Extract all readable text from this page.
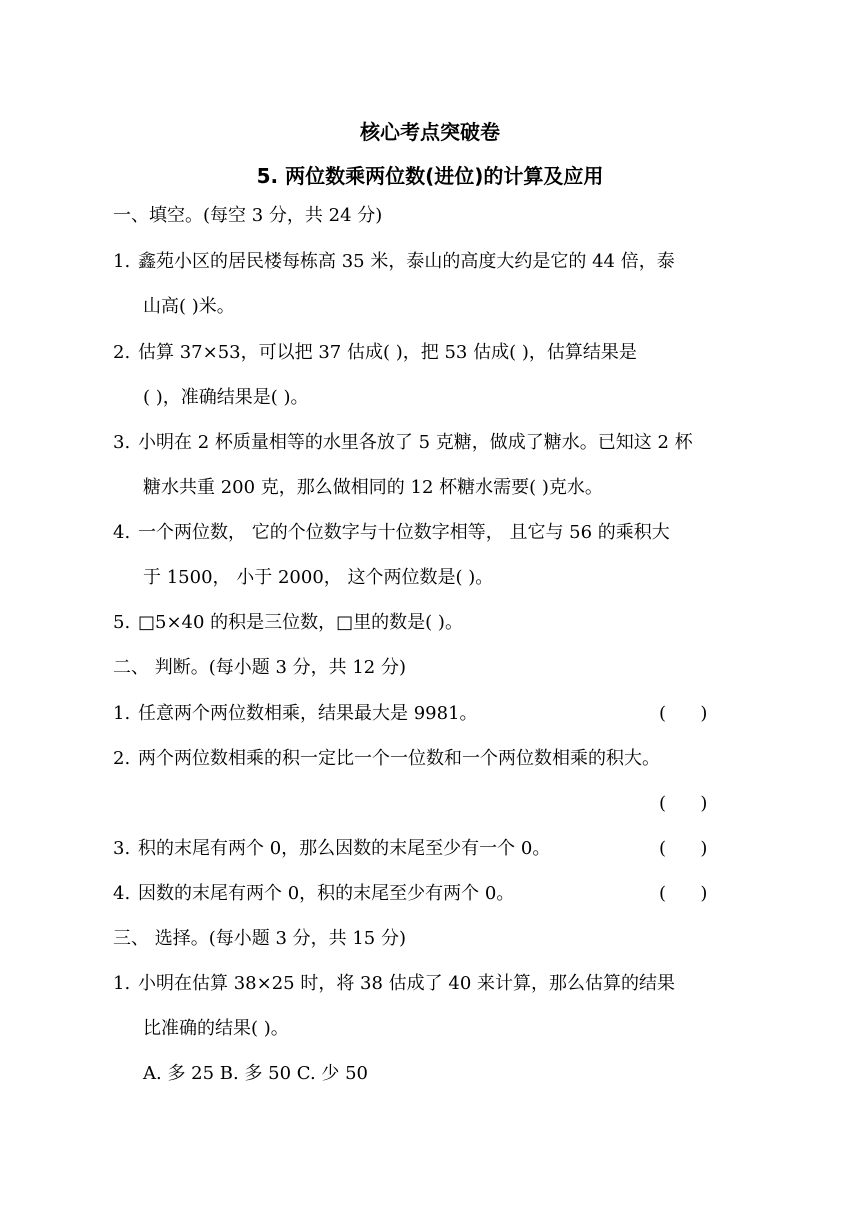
核心考点突破卷
5. 两位数乘两位数(进位)的计算及应用
一、填空。(每空 3 分，共 24 分)
1. 鑫苑小区的居民楼每栋高 35 米，泰山的高度大约是它的 44 倍，泰
山高( )米。
2. 估算 37×53，可以把 37 估成( )，把 53 估成( )，估算结果是
( )，准确结果是( )。
3. 小明在 2 杯质量相等的水里各放了 5 克糖，做成了糖水。已知这 2 杯
糖水共重 200 克，那么做相同的 12 杯糖水需要( )克水。
4. 一个两位数， 它的个位数字与十位数字相等， 且它与 56 的乘积大
于 1500， 小于 2000， 这个两位数是( )。
5. □5×40 的积是三位数，□里的数是( )。
二、 判断。(每小题 3 分，共 12 分)
1. 任意两个两位数相乘，结果最大是 9981。	(      )
2. 两个两位数相乘的积一定比一个一位数和一个两位数相乘的积大。
(      )
3. 积的末尾有两个 0，那么因数的末尾至少有一个 0。	(      )
4. 因数的末尾有两个 0，积的末尾至少有两个 0。	(      )
三、 选择。(每小题 3 分，共 15 分)
1. 小明在估算 38×25 时，将 38 估成了 40 来计算，那么估算的结果
比准确的结果( )。
A. 多 25 B. 多 50 C. 少 50
